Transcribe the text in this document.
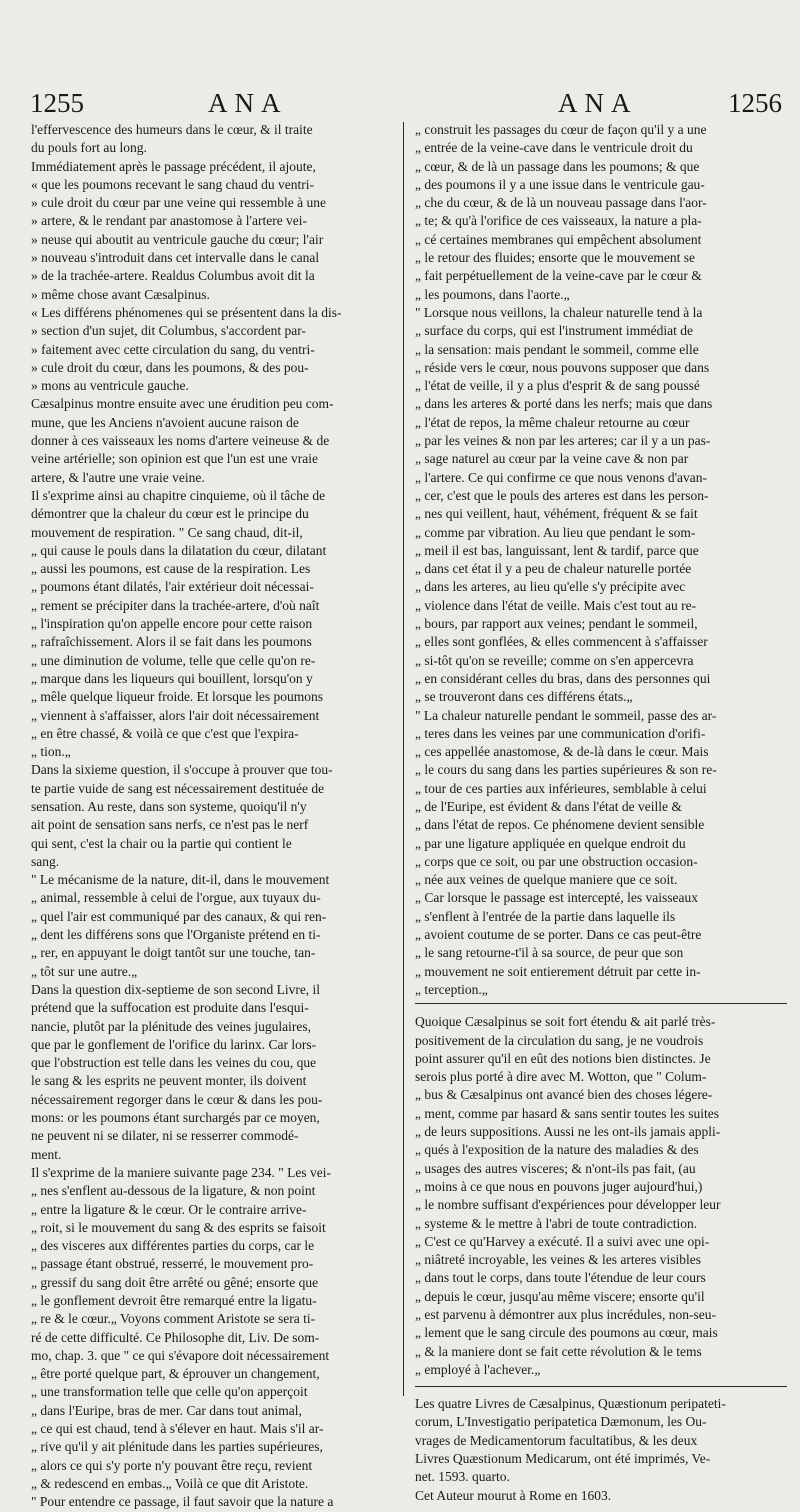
1255	ANA	ANA	1256
l'effervescence des humeurs dans le cœur, & il traite
du pouls fort au long.
Immédiatement après le passage précédent, il ajoute,
« que les poumons recevant le sang chaud du ventri-
» cule droit du cœur par une veine qui ressemble à une
» artere, & le rendant par anastomose à l'artere vei-
» neuse qui aboutit au ventricule gauche du cœur; l'air
» nouveau s'introduit dans cet intervalle dans le canal
» de la trachée-artere. Realdus Columbus avoit dit la
» même chose avant Cæsalpinus.
« Les différens phénomenes qui se présentent dans la dis-
» section d'un sujet, dit Columbus, s'accordent par-
» faitement avec cette circulation du sang, du ventri-
» cule droit du cœur, dans les poumons, & des pou-
» mons au ventricule gauche.
Cæsalpinus montre ensuite avec une érudition peu com-
mune, que les Anciens n'avoient aucune raison de
donner à ces vaisseaux les noms d'artere veineuse & de
veine artérielle; son opinion est que l'un est une vraie
artere, & l'autre une vraie veine.
Il s'exprime ainsi au chapitre cinquieme, où il tâche de
démontrer que la chaleur du cœur est le principe du
mouvement de respiration. " Ce sang chaud, dit-il,
„ qui cause le pouls dans la dilatation du cœur, dilatant
„ aussi les poumons, est cause de la respiration. Les
„ poumons étant dilatés, l'air extérieur doit nécessai-
„ rement se précipiter dans la trachée-artere, d'où naît
„ l'inspiration qu'on appelle encore pour cette raison
„ rafraîchissement. Alors il se fait dans les poumons
„ une diminution de volume, telle que celle qu'on re-
„ marque dans les liqueurs qui bouillent, lorsqu'on y
„ mêle quelque liqueur froide. Et lorsque les poumons
„ viennent à s'affaisser, alors l'air doit nécessairement
„ en être chassé, & voilà ce que c'est que l'expira-
„ tion.„
Dans la sixieme question, il s'occupe à prouver que tou-
te partie vuide de sang est nécessairement destituée de
sensation. Au reste, dans son systeme, quoiqu'il n'y
ait point de sensation sans nerfs, ce n'est pas le nerf
qui sent, c'est la chair ou la partie qui contient le
sang.
" Le mécanisme de la nature, dit-il, dans le mouvement
„ animal, ressemble à celui de l'orgue, aux tuyaux du-
„ quel l'air est communiqué par des canaux, & qui ren-
„ dent les différens sons que l'Organiste prétend en ti-
„ rer, en appuyant le doigt tantôt sur une touche, tan-
„ tôt sur une autre.„
Dans la question dix-septieme de son second Livre, il
prétend que la suffocation est produite dans l'esqui-
nancie, plutôt par la plénitude des veines jugulaires,
que par le gonflement de l'orifice du larinx. Car lors-
que l'obstruction est telle dans les veines du cou, que
le sang & les esprits ne peuvent monter, ils doivent
nécessairement regorger dans le cœur & dans les pou-
mons: or les poumons étant surchargés par ce moyen,
ne peuvent ni se dilater, ni se resserrer commodé-
ment.
Il s'exprime de la maniere suivante page 234. " Les vei-
„ nes s'enflent au-dessous de la ligature, & non point
„ entre la ligature & le cœur. Or le contraire arrive-
„ roit, si le mouvement du sang & des esprits se faisoit
„ des visceres aux différentes parties du corps, car le
„ passage étant obstrué, resserré, le mouvement pro-
„ gressif du sang doit être arrêté ou gêné; ensorte que
„ le gonflement devroit être remarqué entre la ligatu-
„ re & le cœur.„ Voyons comment Aristote se sera ti-
ré de cette difficulté. Ce Philosophe dit, Liv. De som-
mo, chap. 3. que " ce qui s'évapore doit nécessairement
„ être porté quelque part, & éprouver un changement,
„ une transformation telle que celle qu'on apperçoit
„ dans l'Euripe, bras de mer. Car dans tout animal,
„ ce qui est chaud, tend à s'élever en haut. Mais s'il ar-
„ rive qu'il y ait plénitude dans les parties supérieures,
„ alors ce qui s'y porte n'y pouvant être reçu, revient
„ & redescend en embas.„ Voilà ce que dit Aristote.
" Pour entendre ce passage, il faut savoir que la nature a
„ construit les passages du cœur de façon qu'il y a une
„ entrée de la veine-cave dans le ventricule droit du
„ cœur, & de là un passage dans les poumons; & que
„ des poumons il y a une issue dans le ventricule gau-
„ che du cœur, & de là un nouveau passage dans l'aor-
„ te; & qu'à l'orifice de ces vaisseaux, la nature a pla-
„ cé certaines membranes qui empêchent absolument
„ le retour des fluides; ensorte que le mouvement se
„ fait perpétuellement de la veine-cave par le cœur &
„ les poumons, dans l'aorte.„
" Lorsque nous veillons, la chaleur naturelle tend à la
„ surface du corps, qui est l'instrument immédiat de
„ la sensation: mais pendant le sommeil, comme elle
„ réside vers le cœur, nous pouvons supposer que dans
„ l'état de veille, il y a plus d'esprit & de sang poussé
„ dans les arteres & porté dans les nerfs; mais que dans
„ l'état de repos, la même chaleur retourne au cœur
„ par les veines & non par les arteres; car il y a un pas-
„ sage naturel au cœur par la veine cave & non par
„ l'artere. Ce qui confirme ce que nous venons d'avan-
„ cer, c'est que le pouls des arteres est dans les person-
„ nes qui veillent, haut, véhément, fréquent & se fait
„ comme par vibration. Au lieu que pendant le som-
„ meil il est bas, languissant, lent & tardif, parce que
„ dans cet état il y a peu de chaleur naturelle portée
„ dans les arteres, au lieu qu'elle s'y précipite avec
„ violence dans l'état de veille. Mais c'est tout au re-
„ bours, par rapport aux veines; pendant le sommeil,
„ elles sont gonflées, & elles commencent à s'affaisser
„ si-tôt qu'on se reveille; comme on s'en appercevra
„ en considérant celles du bras, dans des personnes qui
„ se trouveront dans ces différens états.„
" La chaleur naturelle pendant le sommeil, passe des ar-
„ teres dans les veines par une communication d'orifi-
„ ces appellée anastomose, & de-là dans le cœur. Mais
„ le cours du sang dans les parties supérieures & son re-
„ tour de ces parties aux inférieures, semblable à celui
„ de l'Euripe, est évident & dans l'état de veille &
„ dans l'état de repos. Ce phénomene devient sensible
„ par une ligature appliquée en quelque endroit du
„ corps que ce soit, ou par une obstruction occasion-
„ née aux veines de quelque maniere que ce soit.
„ Car lorsque le passage est intercepté, les vaisseaux
„ s'enflent à l'entrée de la partie dans laquelle ils
„ avoient coutume de se porter. Dans ce cas peut-être
„ le sang retourne-t'il à sa source, de peur que son
„ mouvement ne soit entierement détruit par cette in-
„ terception.„
Quoique Cæsalpinus se soit fort étendu & ait parlé très-
positivement de la circulation du sang, je ne voudrois
point assurer qu'il en eût des notions bien distinctes. Je
serois plus porté à dire avec M. Wotton, que " Colum-
„ bus & Cæsalpinus ont avancé bien des choses légere-
„ ment, comme par hasard & sans sentir toutes les suites
„ de leurs suppositions. Aussi ne les ont-ils jamais appli-
„ qués à l'exposition de la nature des maladies & des
„ usages des autres visceres; & n'ont-ils pas fait, (au
„ moins à ce que nous en pouvons juger aujourd'hui,)
„ le nombre suffisant d'expériences pour développer leur
„ systeme & le mettre à l'abri de toute contradiction.
„ C'est ce qu'Harvey a exécuté. Il a suivi avec une opi-
„ niâtreté incroyable, les veines & les arteres visibles
„ dans tout le corps, dans toute l'étendue de leur cours
„ depuis le cœur, jusqu'au même viscere; ensorte qu'il
„ est parvenu à démontrer aux plus incrédules, non-seu-
„ lement que le sang circule des poumons au cœur, mais
„ & la maniere dont se fait cette révolution & le tems
„ employé à l'achever.„
Les quatre Livres de Cæsalpinus, Quæstionum peripateti-
corum, L'Investigatio peripatetica Dæmonum, les Ou-
vrages de Medicamentorum facultatibus, & les deux
Livres Quæstionum Medicarum, ont été imprimés, Ve-
net. 1593. quarto.
Cet Auteur mourut à Rome en 1603.
